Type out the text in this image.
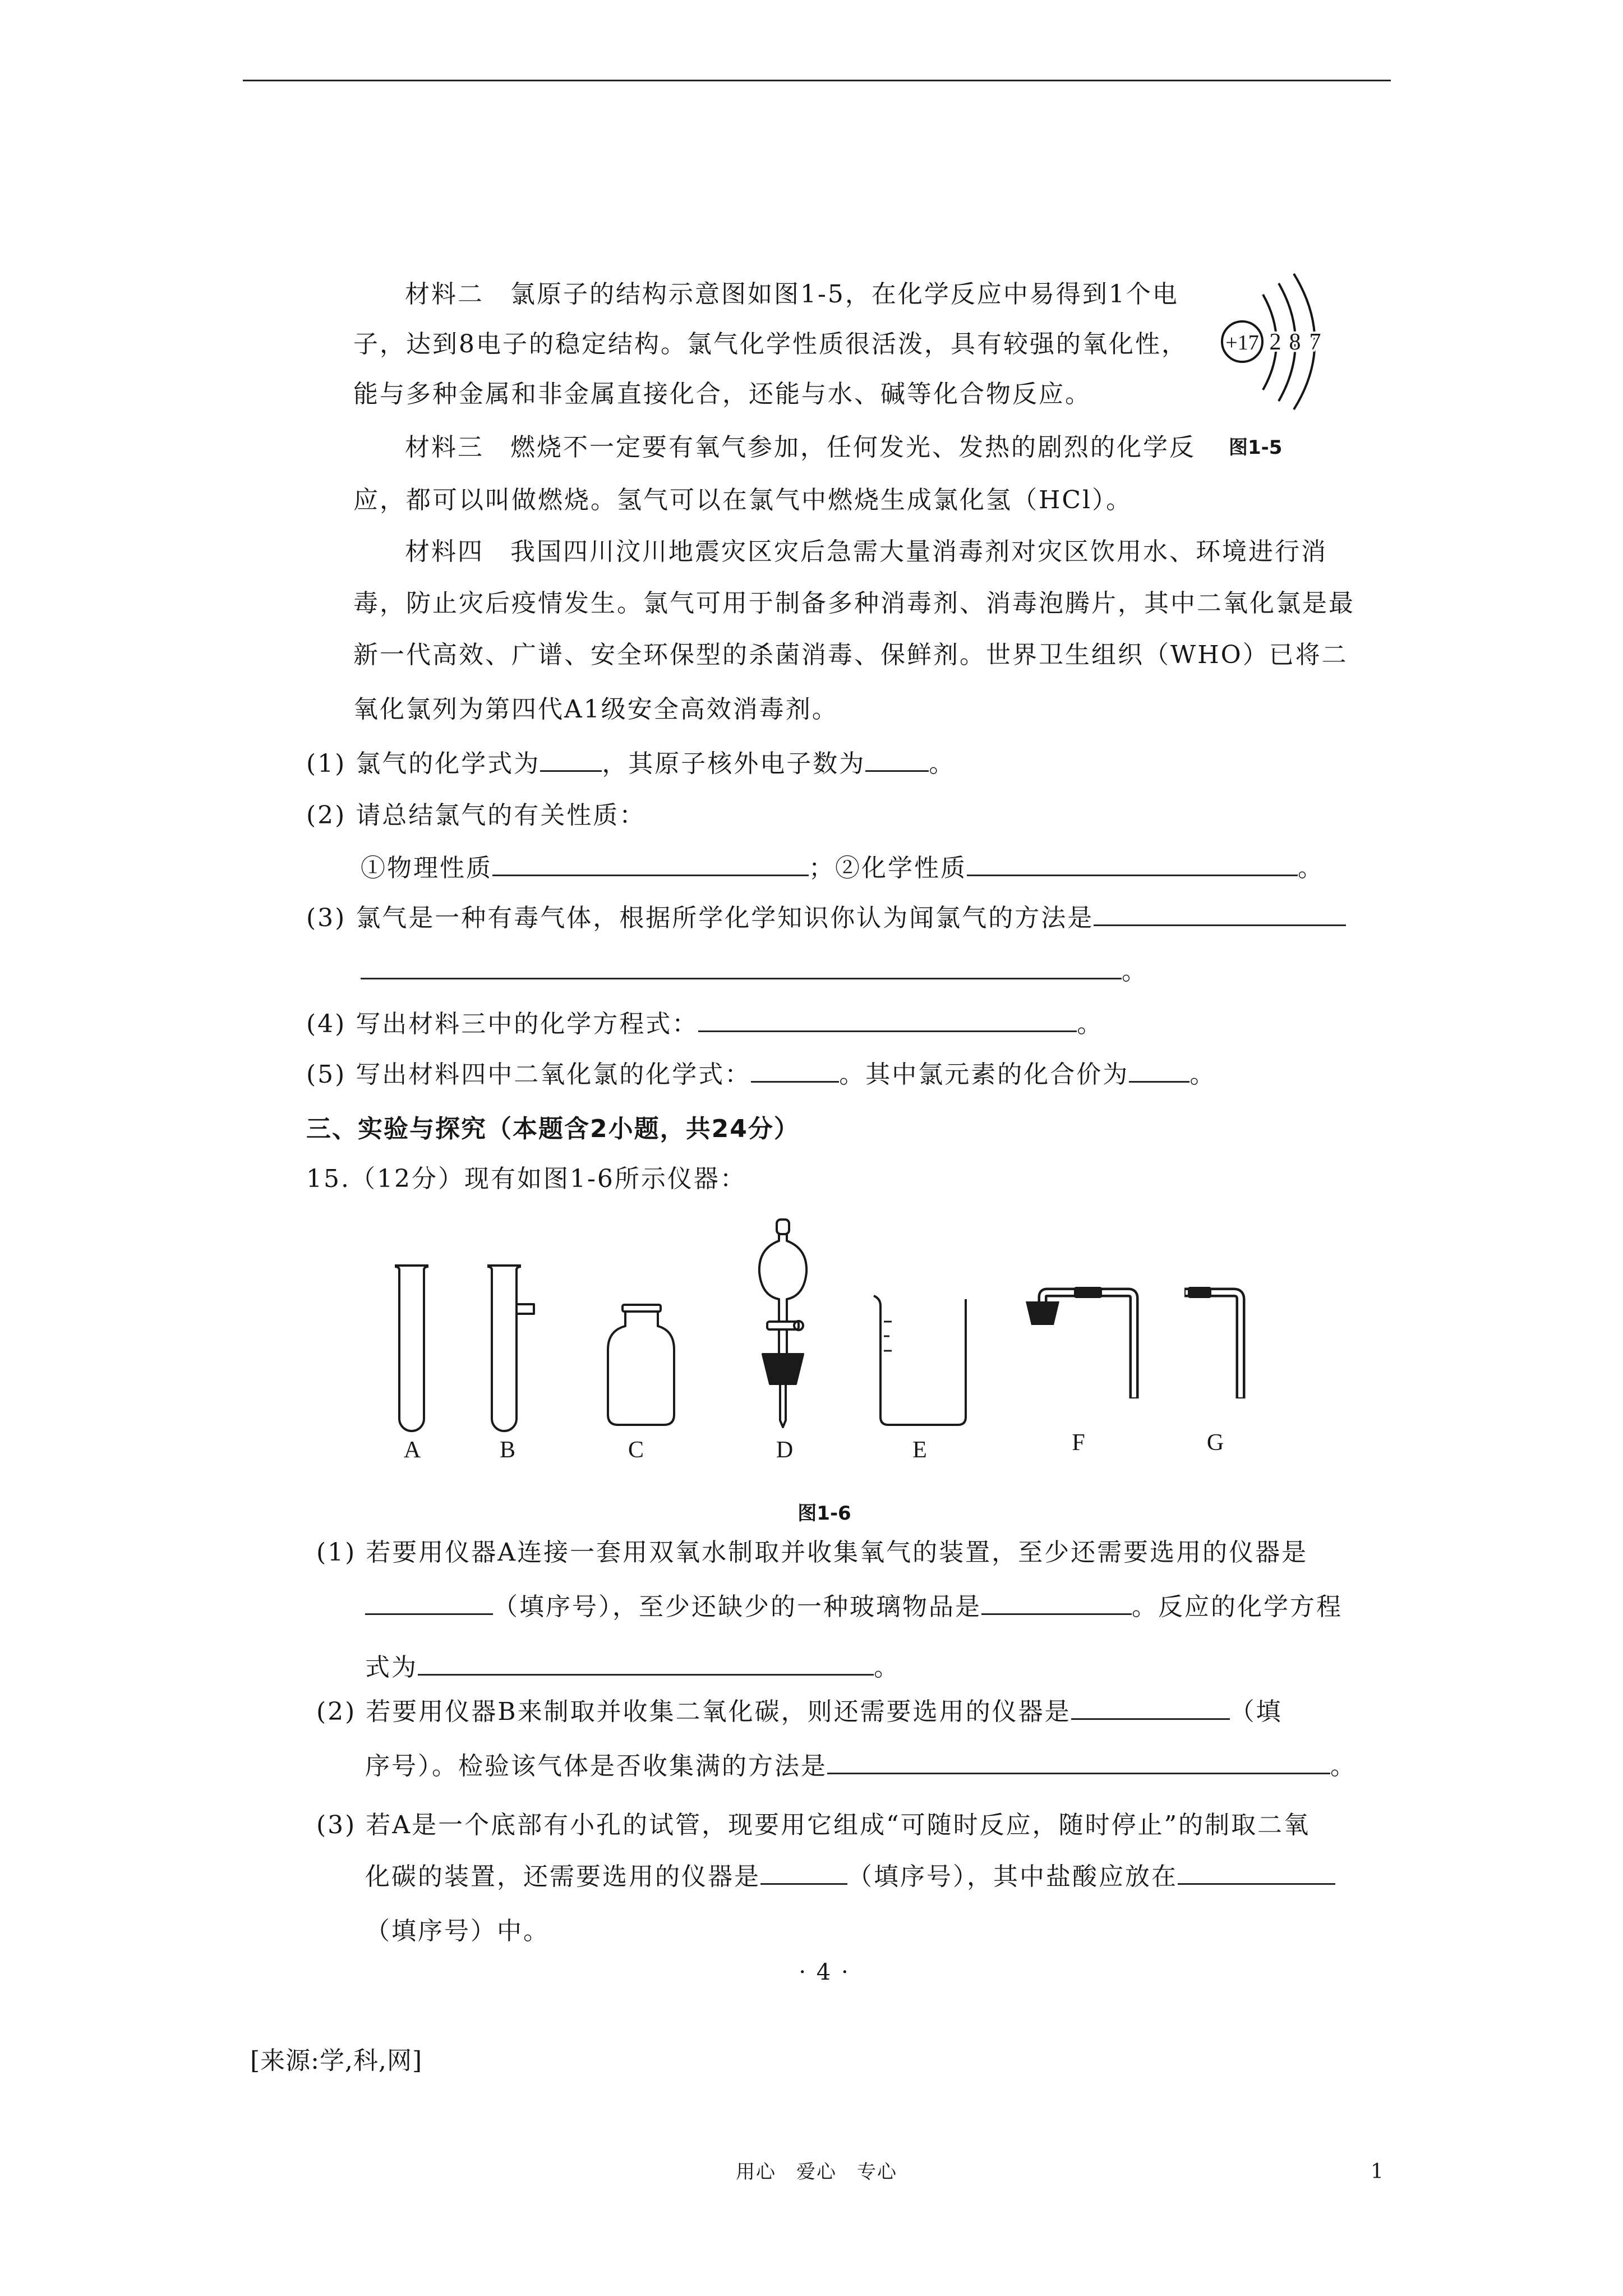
材料二　氯原子的结构示意图如图1-5，在化学反应中易得到1个电
子，达到8电子的稳定结构。氯气化学性质很活泼，具有较强的氧化性，
能与多种金属和非金属直接化合，还能与水、碱等化合物反应。
材料三　燃烧不一定要有氧气参加，任何发光、发热的剧烈的化学反
应，都可以叫做燃烧。氢气可以在氯气中燃烧生成氯化氢（HCl）。
材料四　我国四川汶川地震灾区灾后急需大量消毒剂对灾区饮用水、环境进行消
毒，防止灾后疫情发生。氯气可用于制备多种消毒剂、消毒泡腾片，其中二氧化氯是最
新一代高效、广谱、安全环保型的杀菌消毒、保鲜剂。世界卫生组织（WHO）已将二
氧化氯列为第四代A1级安全高效消毒剂。
+17 2 8 7
图1-5
(1) 氯气的化学式为	，其原子核外电子数为	。
(2) 请总结氯气的有关性质：
①物理性质	；②化学性质	。
(3) 氯气是一种有毒气体，根据所学化学知识你认为闻氯气的方法是
。
(4) 写出材料三中的化学方程式：	。
(5) 写出材料四中二氧化氯的化学式：	。其中氯元素的化合价为 。
三、实验与探究（本题含2小题，共24分）
15.（12分）现有如图1-6所示仪器：
A	B	C	D	E	F	G
图1-6
(1) 若要用仪器A连接一套用双氧水制取并收集氧气的装置，至少还需要选用的仪器是
（填序号），至少还缺少的一种玻璃物品是	。反应的化学方程
式为	。
(2) 若要用仪器B来制取并收集二氧化碳，则还需要选用的仪器是	（填
序号）。检验该气体是否收集满的方法是	。
(3) 若A是一个底部有小孔的试管，现要用它组成“可随时反应，随时停止”的制取二氧
化碳的装置，还需要选用的仪器是	（填序号），其中盐酸应放在
（填序号）中。
· 4 ·
[来源:学,科,网]
用心　爱心　专心	1
